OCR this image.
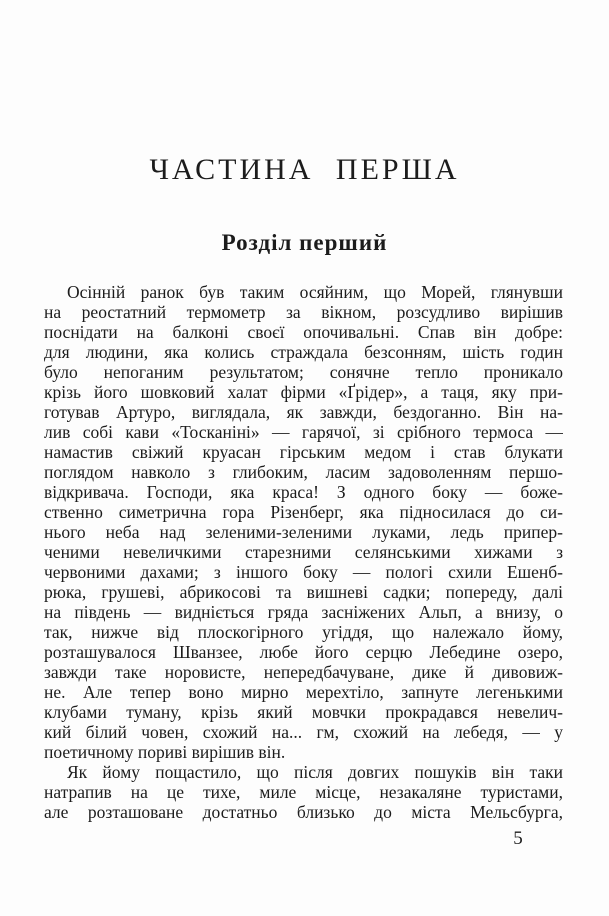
ЧАСТИНА ПЕРША
Розділ перший
Осінній ранок був таким осяйним, що Морей, глянувши
на реостатний термометр за вікном, розсудливо вирішив
поснідати на балконі своєї опочивальні. Спав він добре:
для людини, яка колись страждала безсонням, шість годин
було непоганим результатом; сонячне тепло проникало
крізь його шовковий халат фірми «Ґрідер», а таця, яку при-
готував Артуро, виглядала, як завжди, бездоганно. Він на-
лив собі кави «Тосканіні» — гарячої, зі срібного термоса —
намастив свіжий круасан гірським медом і став блукати
поглядом навколо з глибоким, ласим задоволенням першо-
відкривача. Господи, яка краса! З одного боку — боже-
ственно симетрична гора Різенберг, яка підносилася до си-
нього неба над зеленими-зеленими луками, ледь припер-
ченими невеличкими старезними селянськими хижами з
червоними дахами; з іншого боку — пологі схили Ешенб-
рюка, грушеві, абрикосові та вишневі садки; попереду, далі
на південь — видніється гряда засніжених Альп, а внизу, о
так, нижче від плоскогірного угіддя, що належало йому,
розташувалося Шванзее, любе його серцю Лебедине озеро,
завжди таке норовисте, непередбачуване, дике й дивовиж-
не. Але тепер воно мирно мерехтіло, запнуте легенькими
клубами туману, крізь який мовчки прокрадався невелич-
кий білий човен, схожий на... гм, схожий на лебедя, — у
поетичному пориві вирішив він.
Як йому пощастило, що після довгих пошуків він таки
натрапив на це тихе, миле місце, незакаляне туристами,
але розташоване достатньо близько до міста Мельсбурга,
5
